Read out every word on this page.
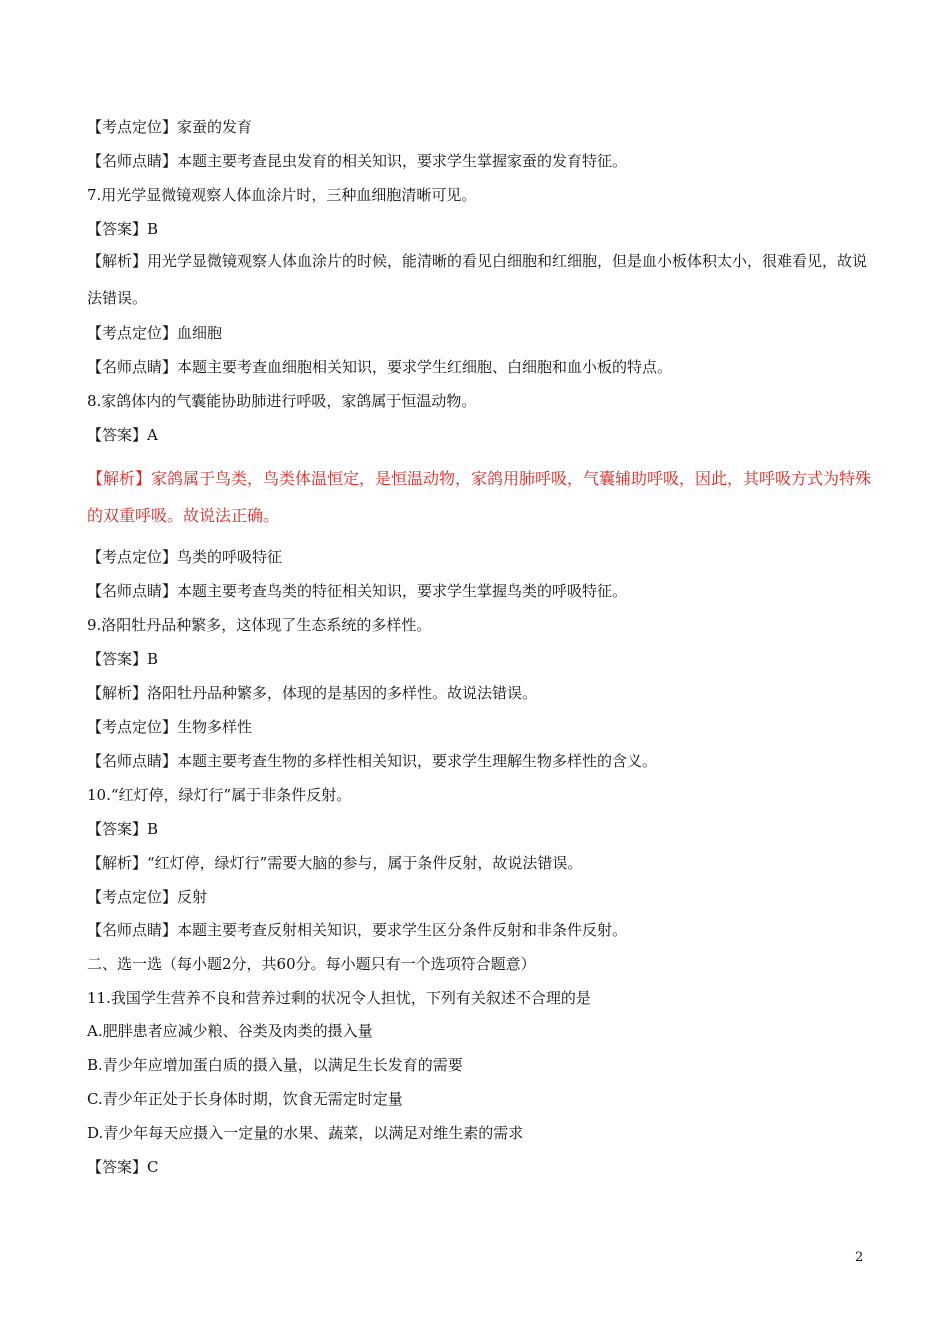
【考点定位】家蚕的发育
【名师点睛】本题主要考查昆虫发育的相关知识，要求学生掌握家蚕的发育特征。
7.用光学显微镜观察人体血涂片时，三种血细胞清晰可见。
【答案】B
【解析】用光学显微镜观察人体血涂片的时候，能清晰的看见白细胞和红细胞，但是血小板体积太小，很难看见，故说法错误。
【考点定位】血细胞
【名师点睛】本题主要考查血细胞相关知识，要求学生红细胞、白细胞和血小板的特点。
8.家鸽体内的气囊能协助肺进行呼吸，家鸽属于恒温动物。
【答案】A
【解析】家鸽属于鸟类，鸟类体温恒定，是恒温动物，家鸽用肺呼吸，气囊辅助呼吸，因此，其呼吸方式为特殊的双重呼吸。故说法正确。
【考点定位】鸟类的呼吸特征
【名师点睛】本题主要考查鸟类的特征相关知识，要求学生掌握鸟类的呼吸特征。
9.洛阳牡丹品种繁多，这体现了生态系统的多样性。
【答案】B
【解析】洛阳牡丹品种繁多，体现的是基因的多样性。故说法错误。
【考点定位】生物多样性
【名师点睛】本题主要考查生物的多样性相关知识，要求学生理解生物多样性的含义。
10.“红灯停，绿灯行”属于非条件反射。
【答案】B
【解析】“红灯停，绿灯行”需要大脑的参与，属于条件反射，故说法错误。
【考点定位】反射
【名师点睛】本题主要考查反射相关知识，要求学生区分条件反射和非条件反射。
二、选一选（每小题2分，共60分。每小题只有一个选项符合题意）
11.我国学生营养不良和营养过剩的状况令人担忧，下列有关叙述不合理的是
A.肥胖患者应减少粮、谷类及肉类的摄入量
B.青少年应增加蛋白质的摄入量，以满足生长发育的需要
C.青少年正处于长身体时期，饮食无需定时定量
D.青少年每天应摄入一定量的水果、蔬菜，以满足对维生素的需求
【答案】C
2
